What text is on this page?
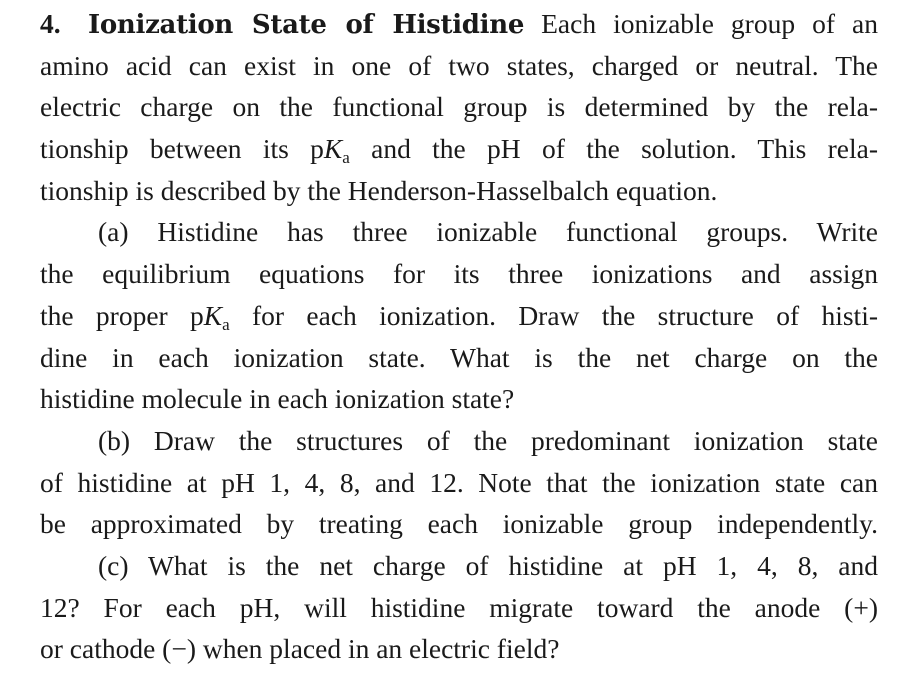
4. Ionization State of Histidine Each ionizable group of an
amino acid can exist in one of two states, charged or neutral. The
electric charge on the functional group is determined by the rela-
tionship between its $pK_a$ and the pH of the solution. This rela-
tionship is described by the Henderson-Hasselbalch equation.
(a) Histidine has three ionizable functional groups. Write
the equilibrium equations for its three ionizations and assign
the proper $pK_a$ for each ionization. Draw the structure of histi-
dine in each ionization state. What is the net charge on the
histidine molecule in each ionization state?
(b) Draw the structures of the predominant ionization state
of histidine at pH 1, 4, 8, and 12. Note that the ionization state can
be approximated by treating each ionizable group independently.
(c) What is the net charge of histidine at pH 1, 4, 8, and
12? For each pH, will histidine migrate toward the anode (+)
or cathode (−) when placed in an electric field?
